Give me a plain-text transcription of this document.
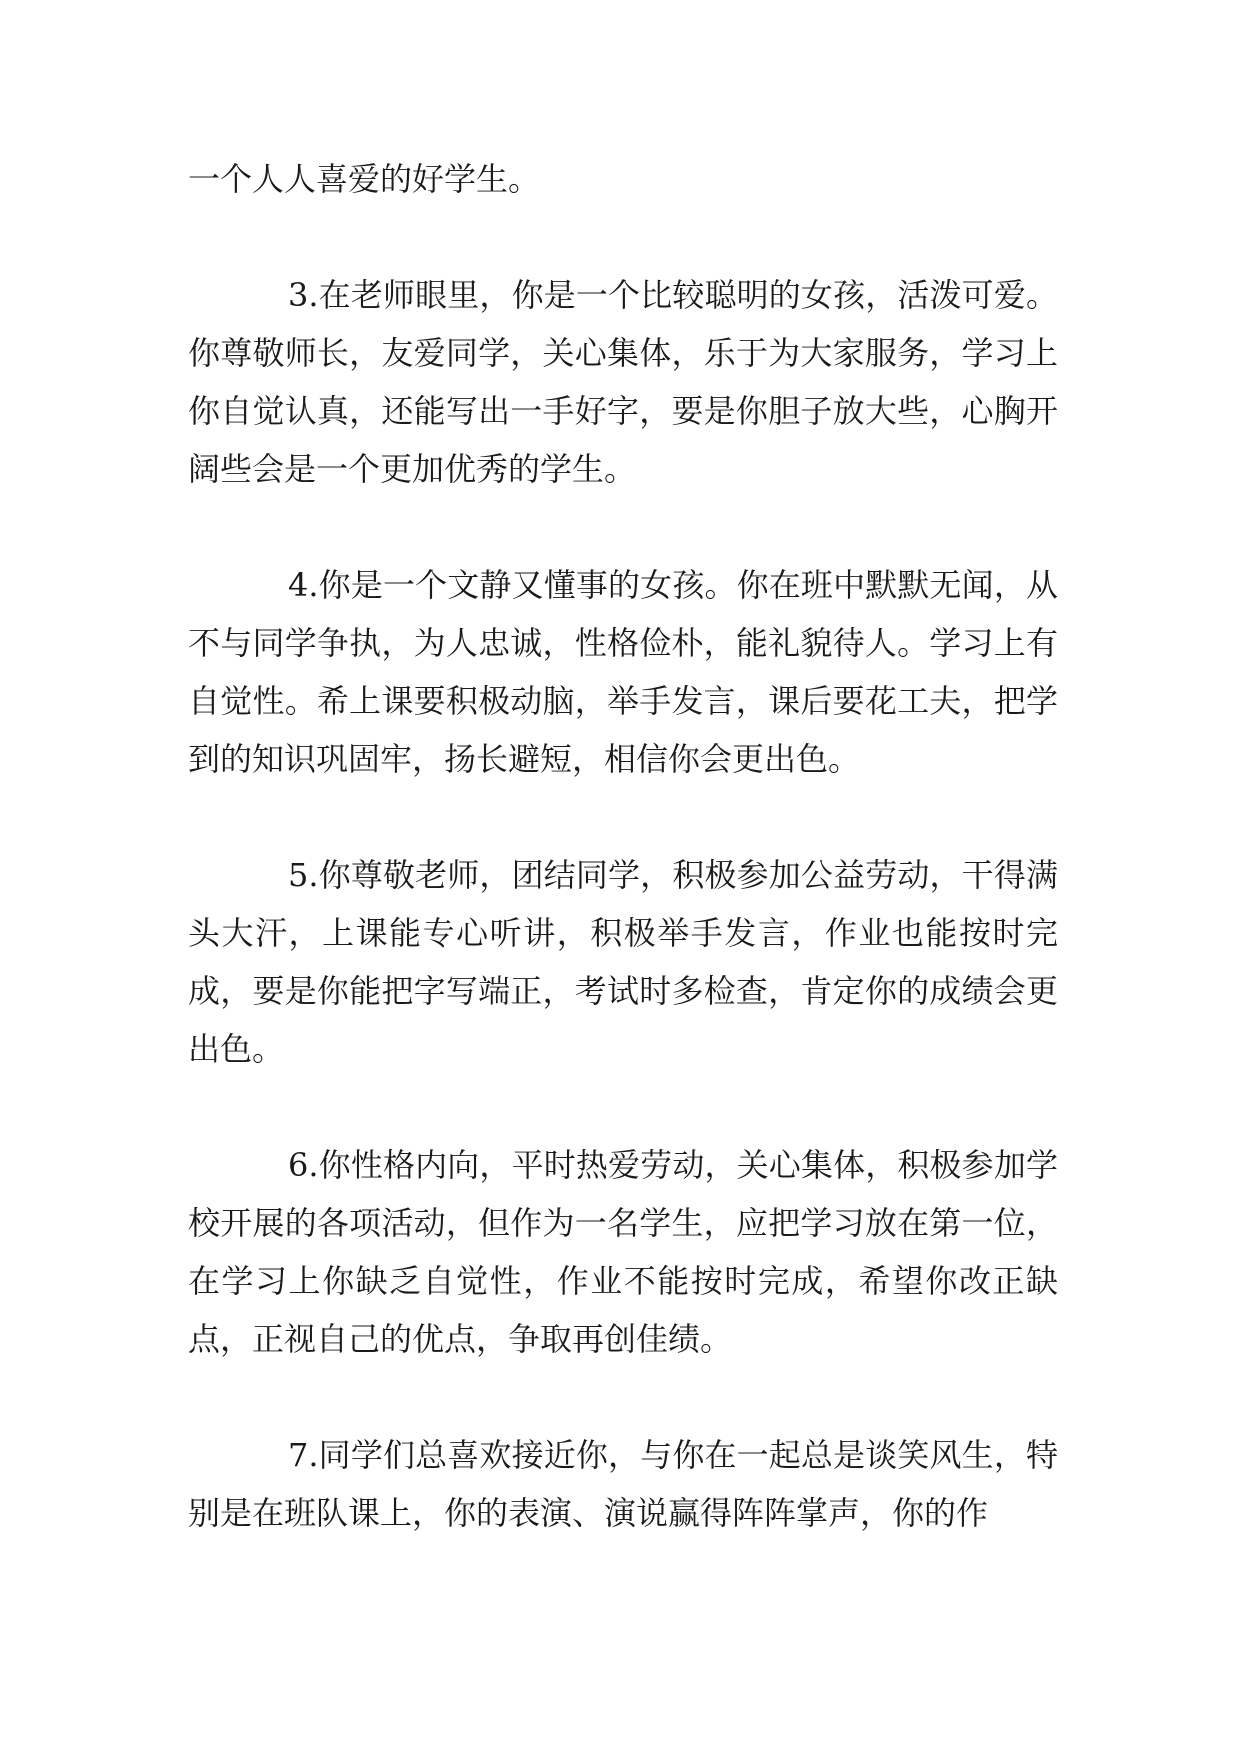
一个人人喜爱的好学生。

3.在老师眼里，你是一个比较聪明的女孩，活泼可爱。你尊敬师长，友爱同学，关心集体，乐于为大家服务，学习上你自觉认真，还能写出一手好字，要是你胆子放大些，心胸开阔些会是一个更加优秀的学生。

4.你是一个文静又懂事的女孩。你在班中默默无闻，从不与同学争执，为人忠诚，性格俭朴，能礼貌待人。学习上有自觉性。希上课要积极动脑，举手发言，课后要花工夫，把学到的知识巩固牢，扬长避短，相信你会更出色。

5.你尊敬老师，团结同学，积极参加公益劳动，干得满头大汗，上课能专心听讲，积极举手发言，作业也能按时完成，要是你能把字写端正，考试时多检查，肯定你的成绩会更出色。

6.你性格内向，平时热爱劳动，关心集体，积极参加学校开展的各项活动，但作为一名学生，应把学习放在第一位，在学习上你缺乏自觉性，作业不能按时完成，希望你改正缺点，正视自己的优点，争取再创佳绩。

7.同学们总喜欢接近你，与你在一起总是谈笑风生，特别是在班队课上，你的表演、演说赢得阵阵掌声，你的作
